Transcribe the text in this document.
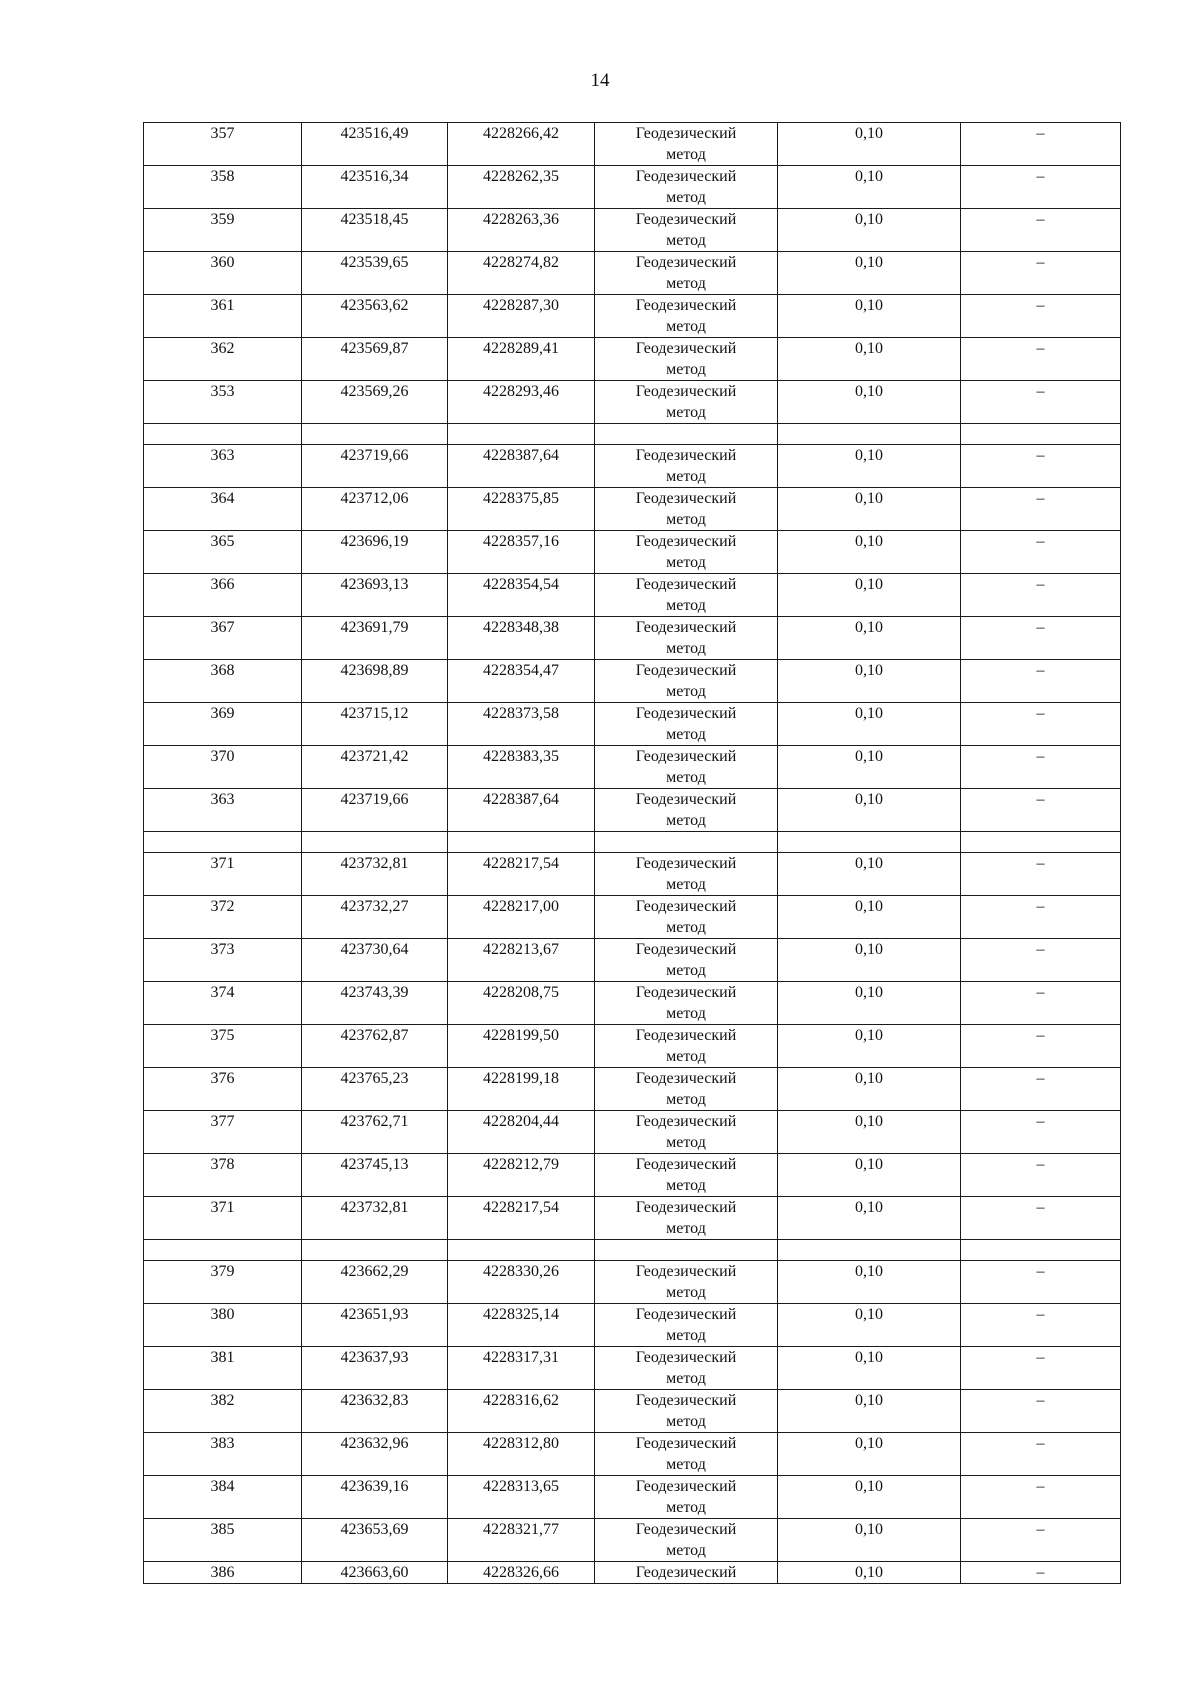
14
357	423516,49	4228266,42	Геодезический метод	0,10	–
358	423516,34	4228262,35	Геодезический метод	0,10	–
359	423518,45	4228263,36	Геодезический метод	0,10	–
360	423539,65	4228274,82	Геодезический метод	0,10	–
361	423563,62	4228287,30	Геодезический метод	0,10	–
362	423569,87	4228289,41	Геодезический метод	0,10	–
353	423569,26	4228293,46	Геодезический метод	0,10	–

363	423719,66	4228387,64	Геодезический метод	0,10	–
364	423712,06	4228375,85	Геодезический метод	0,10	–
365	423696,19	4228357,16	Геодезический метод	0,10	–
366	423693,13	4228354,54	Геодезический метод	0,10	–
367	423691,79	4228348,38	Геодезический метод	0,10	–
368	423698,89	4228354,47	Геодезический метод	0,10	–
369	423715,12	4228373,58	Геодезический метод	0,10	–
370	423721,42	4228383,35	Геодезический метод	0,10	–
363	423719,66	4228387,64	Геодезический метод	0,10	–

371	423732,81	4228217,54	Геодезический метод	0,10	–
372	423732,27	4228217,00	Геодезический метод	0,10	–
373	423730,64	4228213,67	Геодезический метод	0,10	–
374	423743,39	4228208,75	Геодезический метод	0,10	–
375	423762,87	4228199,50	Геодезический метод	0,10	–
376	423765,23	4228199,18	Геодезический метод	0,10	–
377	423762,71	4228204,44	Геодезический метод	0,10	–
378	423745,13	4228212,79	Геодезический метод	0,10	–
371	423732,81	4228217,54	Геодезический метод	0,10	–

379	423662,29	4228330,26	Геодезический метод	0,10	–
380	423651,93	4228325,14	Геодезический метод	0,10	–
381	423637,93	4228317,31	Геодезический метод	0,10	–
382	423632,83	4228316,62	Геодезический метод	0,10	–
383	423632,96	4228312,80	Геодезический метод	0,10	–
384	423639,16	4228313,65	Геодезический метод	0,10	–
385	423653,69	4228321,77	Геодезический метод	0,10	–
386	423663,60	4228326,66	Геодезический	0,10	–
